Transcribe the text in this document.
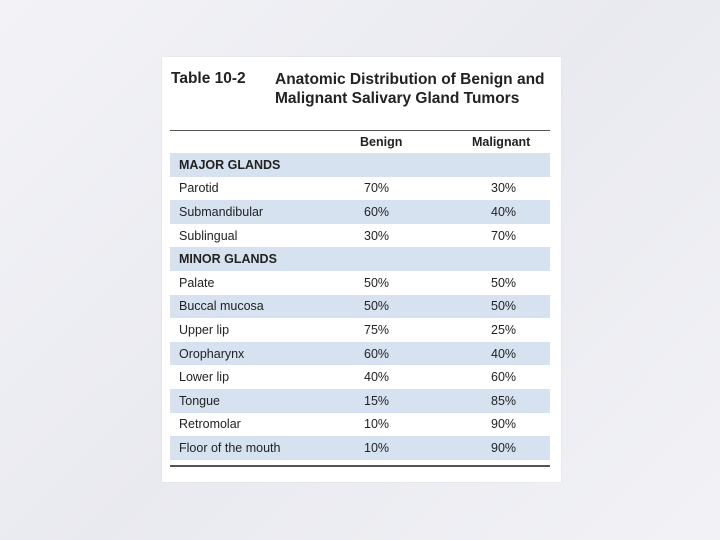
Table 10-2	Anatomic Distribution of Benign and Malignant Salivary Gland Tumors
Benign	Malignant
MAJOR GLANDS
Parotid	70%	30%
Submandibular	60%	40%
Sublingual	30%	70%
MINOR GLANDS
Palate	50%	50%
Buccal mucosa	50%	50%
Upper lip	75%	25%
Oropharynx	60%	40%
Lower lip	40%	60%
Tongue	15%	85%
Retromolar	10%	90%
Floor of the mouth	10%	90%
